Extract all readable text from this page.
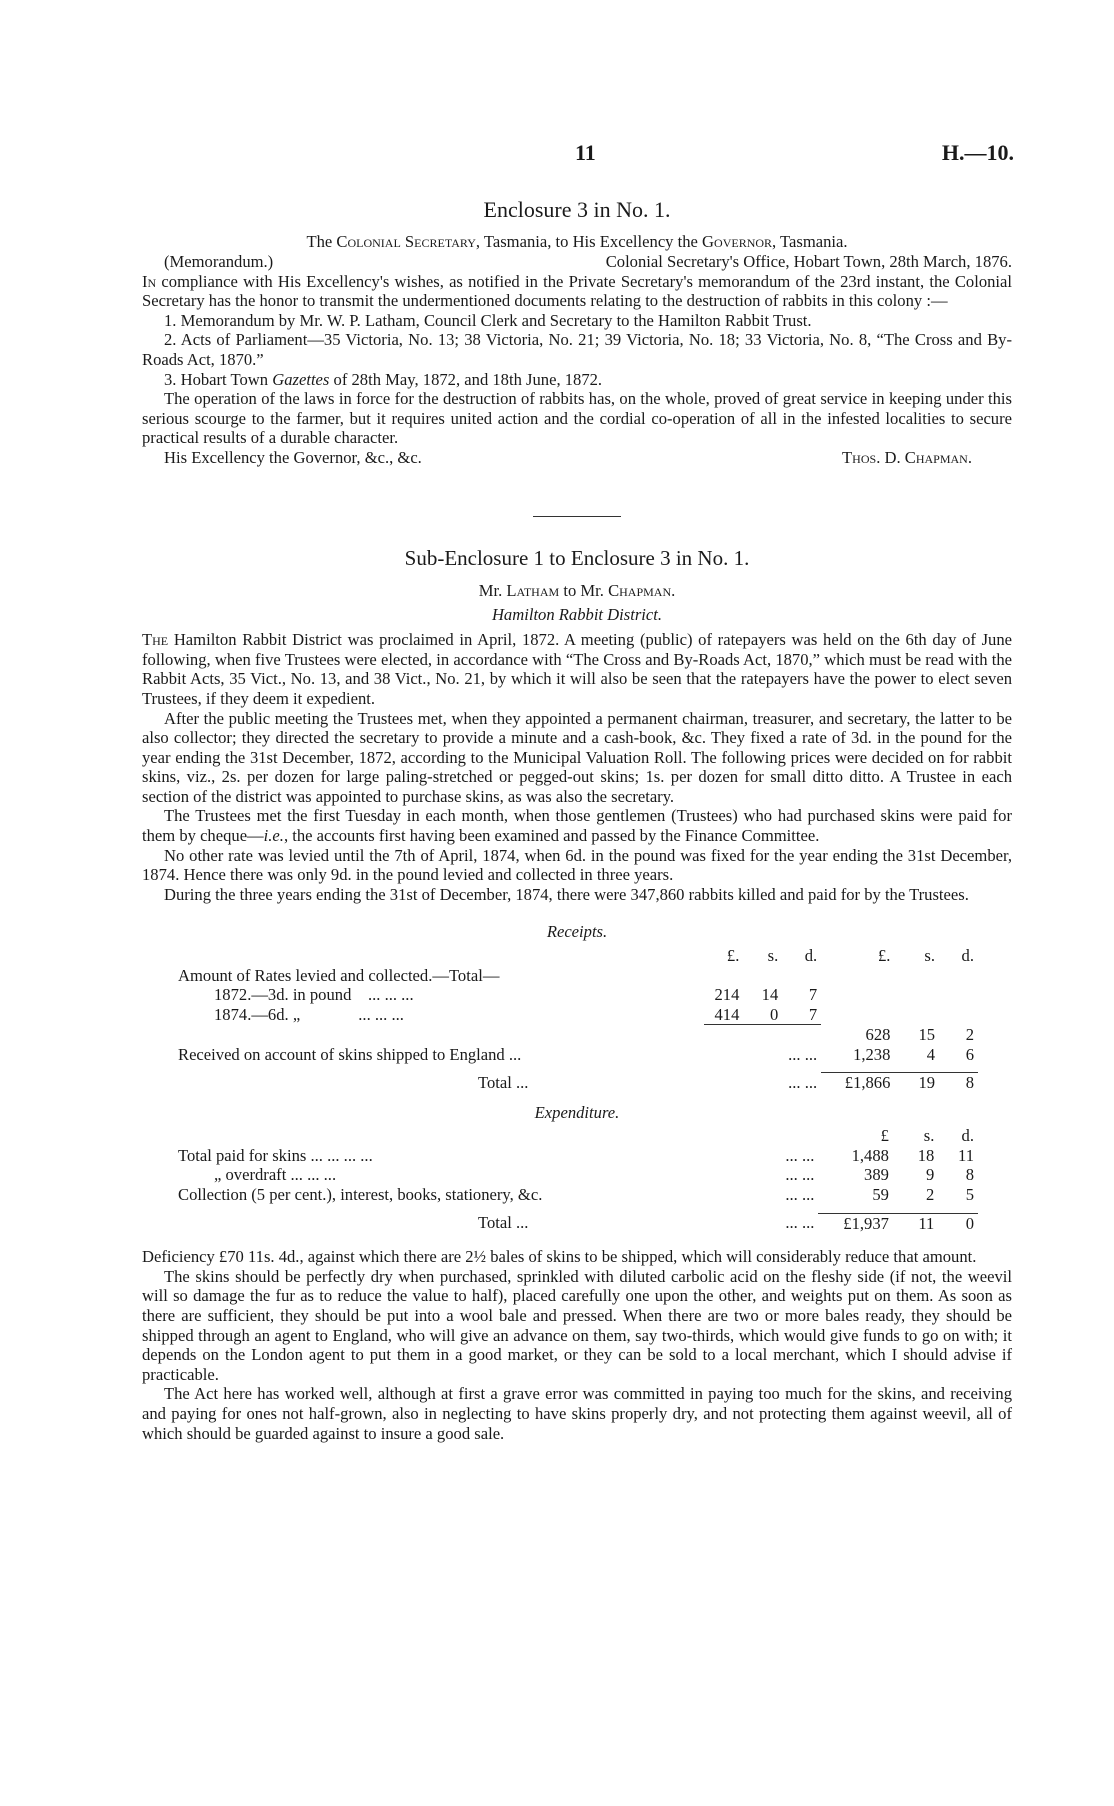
11	H.—10.
Enclosure 3 in No. 1.
The Colonial Secretary, Tasmania, to His Excellency the Governor, Tasmania.
(Memorandum.)	Colonial Secretary's Office, Hobart Town, 28th March, 1876.

In compliance with His Excellency's wishes, as notified in the Private Secretary's memorandum of the 23rd instant, the Colonial Secretary has the honor to transmit the undermentioned documents relating to the destruction of rabbits in this colony :—

1. Memorandum by Mr. W. P. Latham, Council Clerk and Secretary to the Hamilton Rabbit Trust.

2. Acts of Parliament—35 Victoria, No. 13; 38 Victoria, No. 21; 39 Victoria, No. 18; 33 Victoria, No. 8, “The Cross and By-Roads Act, 1870.”

3. Hobart Town Gazettes of 28th May, 1872, and 18th June, 1872.

The operation of the laws in force for the destruction of rabbits has, on the whole, proved of great service in keeping under this serious scourge to the farmer, but it requires united action and the cordial co-operation of all in the infested localities to secure practical results of a durable character.

His Excellency the Governor, &c., &c.	Thos. D. Chapman.
Sub-Enclosure 1 to Enclosure 3 in No. 1.
Mr. Latham to Mr. Chapman.
Hamilton Rabbit District.

The Hamilton Rabbit District was proclaimed in April, 1872. A meeting (public) of ratepayers was held on the 6th day of June following, when five Trustees were elected, in accordance with “The Cross and By-Roads Act, 1870,” which must be read with the Rabbit Acts, 35 Vict., No. 13, and 38 Vict., No. 21, by which it will also be seen that the ratepayers have the power to elect seven Trustees, if they deem it expedient.

After the public meeting the Trustees met, when they appointed a permanent chairman, treasurer, and secretary, the latter to be also collector; they directed the secretary to provide a minute and a cash-book, &c. They fixed a rate of 3d. in the pound for the year ending the 31st December, 1872, according to the Municipal Valuation Roll. The following prices were decided on for rabbit skins, viz., 2s. per dozen for large paling-stretched or pegged-out skins; 1s. per dozen for small ditto ditto. A Trustee in each section of the district was appointed to purchase skins, as was also the secretary.

The Trustees met the first Tuesday in each month, when those gentlemen (Trustees) who had purchased skins were paid for them by cheque—i.e., the accounts first having been examined and passed by the Finance Committee.

No other rate was levied until the 7th of April, 1874, when 6d. in the pound was fixed for the year ending the 31st December, 1874. Hence there was only 9d. in the pound levied and collected in three years.

During the three years ending the 31st of December, 1874, there were 347,860 rabbits killed and paid for by the Trustees.

Receipts.
	£.	s.	d.	£.	s.	d.
Amount of Rates levied and collected.—Total—						
1872.—3d. in pound ... ... ...	214	14	7			
1874.—6d. „ ... ... ...	414	0	7			
				628	15	2
Received on account of skins shipped to England ...	... ...			1,238	4	6

Total ...	... ...			£1,866	19	8
Expenditure.
				£	s.	d.
Total paid for skins ... ... ... ...	... ...			1,488	18	11
„ overdraft ... ... ...	... ...			389	9	8
Collection (5 per cent.), interest, books, stationery, &c.	... ...			59	2	5

Total ...	... ...			£1,937	11	0

Deficiency £70 11s. 4d., against which there are 2½ bales of skins to be shipped, which will considerably reduce that amount.

The skins should be perfectly dry when purchased, sprinkled with diluted carbolic acid on the fleshy side (if not, the weevil will so damage the fur as to reduce the value to half), placed carefully one upon the other, and weights put on them. As soon as there are sufficient, they should be put into a wool bale and pressed. When there are two or more bales ready, they should be shipped through an agent to England, who will give an advance on them, say two-thirds, which would give funds to go on with; it depends on the London agent to put them in a good market, or they can be sold to a local merchant, which I should advise if practicable.

The Act here has worked well, although at first a grave error was committed in paying too much for the skins, and receiving and paying for ones not half-grown, also in neglecting to have skins properly dry, and not protecting them against weevil, all of which should be guarded against to insure a good sale.
